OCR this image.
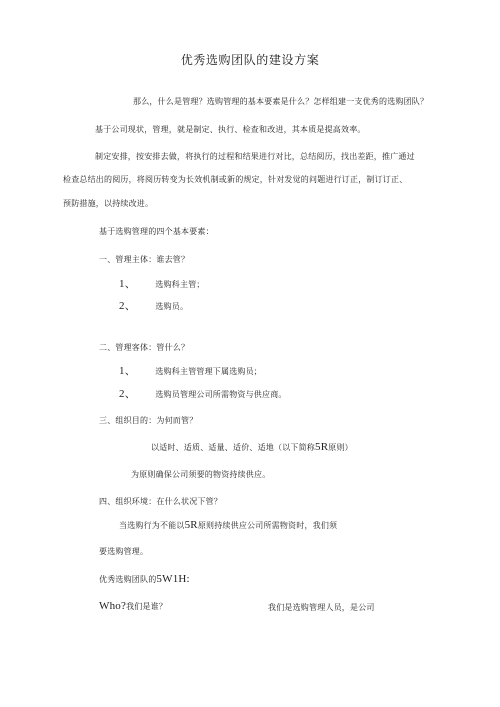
优秀选购团队的建设方案
那么，什么是管理？选购管理的基本要素是什么？怎样组建一支优秀的选购团队？
基于公司现状，管理，就是制定、执行、检查和改进，其本质是提高效率。
制定安排，按安排去做，将执行的过程和结果进行对比，总结阅历，找出差距，推广通过
检查总结出的阅历，将阅历转变为长效机制或新的规定，针对发觉的问题进行订正，制订订正、
预防措施，以持续改进。
基于选购管理的四个基本要素：
一、管理主体：谁去管？
1、 选购科主管；
2、 选购员。
二、管理客体：管什么？
1、 选购科主管管理下属选购员；
2、 选购员管理公司所需物资与供应商。
三、组织目的：为何而管？
以适时、适质、适量、适价、适地（以下简称5R原则）
为原则确保公司须要的物资持续供应。
四、组织环境：在什么状况下管？
当选购行为不能以5R原则持续供应公司所需物资时，我们须
要选购管理。
优秀选购团队的5W1H:
Who?我们是谁？	我们是选购管理人员，是公司
